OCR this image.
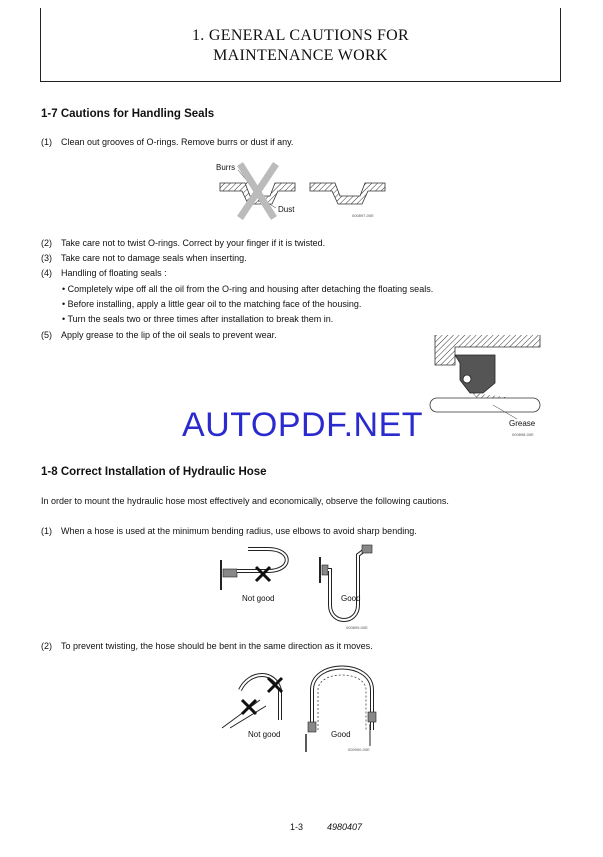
1. GENERAL CAUTIONS FOR
MAINTENANCE WORK
1-7 Cautions for Handling Seals
(1) Clean out grooves of O-rings. Remove burrs or dust if any.
Burrs
Dust
000897-00E
(2) Take care not to twist O-rings. Correct by your finger if it is twisted.
(3) Take care not to damage seals when inserting.
(4) Handling of floating seals :
• Completely wipe off all the oil from the O-ring and housing after detaching the floating seals.
• Before installing, apply a little gear oil to the matching face of the housing.
• Turn the seals two or three times after installation to break them in.
(5) Apply grease to the lip of the oil seals to prevent wear.
Grease
000898-00E
AUTOPDF.NET
1-8 Correct Installation of Hydraulic Hose
In order to mount the hydraulic hose most effectively and economically, observe the following cautions.
(1) When a hose is used at the minimum bending radius, use elbows to avoid sharp bending.
Not good	Good
000899-00E
(2) To prevent twisting, the hose should be bent in the same direction as it moves.
Not good	Good
000900-00E
1-3	4980407
